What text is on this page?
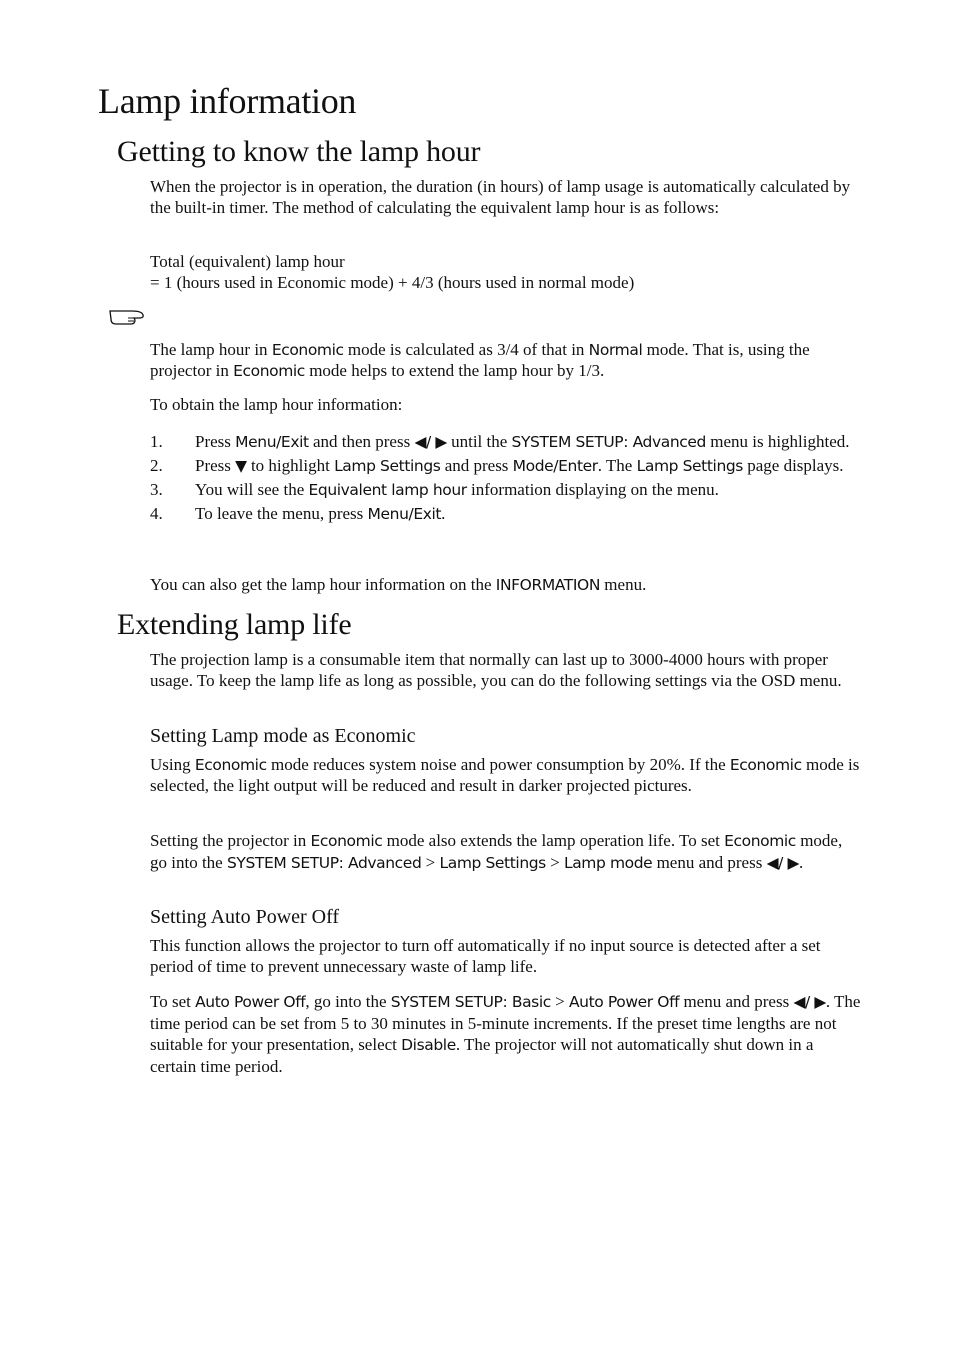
Lamp information
Getting to know the lamp hour

When the projector is in operation, the duration (in hours) of lamp usage is automatically calculated by the built-in timer. The method of calculating the equivalent lamp hour is as follows:

Total (equivalent) lamp hour
= 1 (hours used in Economic mode) + 4/3 (hours used in normal mode)

The lamp hour in Economic mode is calculated as 3/4 of that in Normal mode. That is, using the projector in Economic mode helps to extend the lamp hour by 1/3.

To obtain the lamp hour information:

1. Press Menu/Exit and then press ◀/ ▶ until the SYSTEM SETUP: Advanced menu is highlighted.
2. Press ▼ to highlight Lamp Settings and press Mode/Enter. The Lamp Settings page displays.
3. You will see the Equivalent lamp hour information displaying on the menu.
4. To leave the menu, press Menu/Exit.

You can also get the lamp hour information on the INFORMATION menu.

Extending lamp life

The projection lamp is a consumable item that normally can last up to 3000-4000 hours with proper usage. To keep the lamp life as long as possible, you can do the following settings via the OSD menu.

Setting Lamp mode as Economic

Using Economic mode reduces system noise and power consumption by 20%. If the Economic mode is selected, the light output will be reduced and result in darker projected pictures.

Setting the projector in Economic mode also extends the lamp operation life. To set Economic mode, go into the SYSTEM SETUP: Advanced > Lamp Settings > Lamp mode menu and press ◀/ ▶.

Setting Auto Power Off

This function allows the projector to turn off automatically if no input source is detected after a set period of time to prevent unnecessary waste of lamp life.

To set Auto Power Off, go into the SYSTEM SETUP: Basic > Auto Power Off menu and press ◀/ ▶. The time period can be set from 5 to 30 minutes in 5-minute increments. If the preset time lengths are not suitable for your presentation, select Disable. The projector will not automatically shut down in a certain time period.
